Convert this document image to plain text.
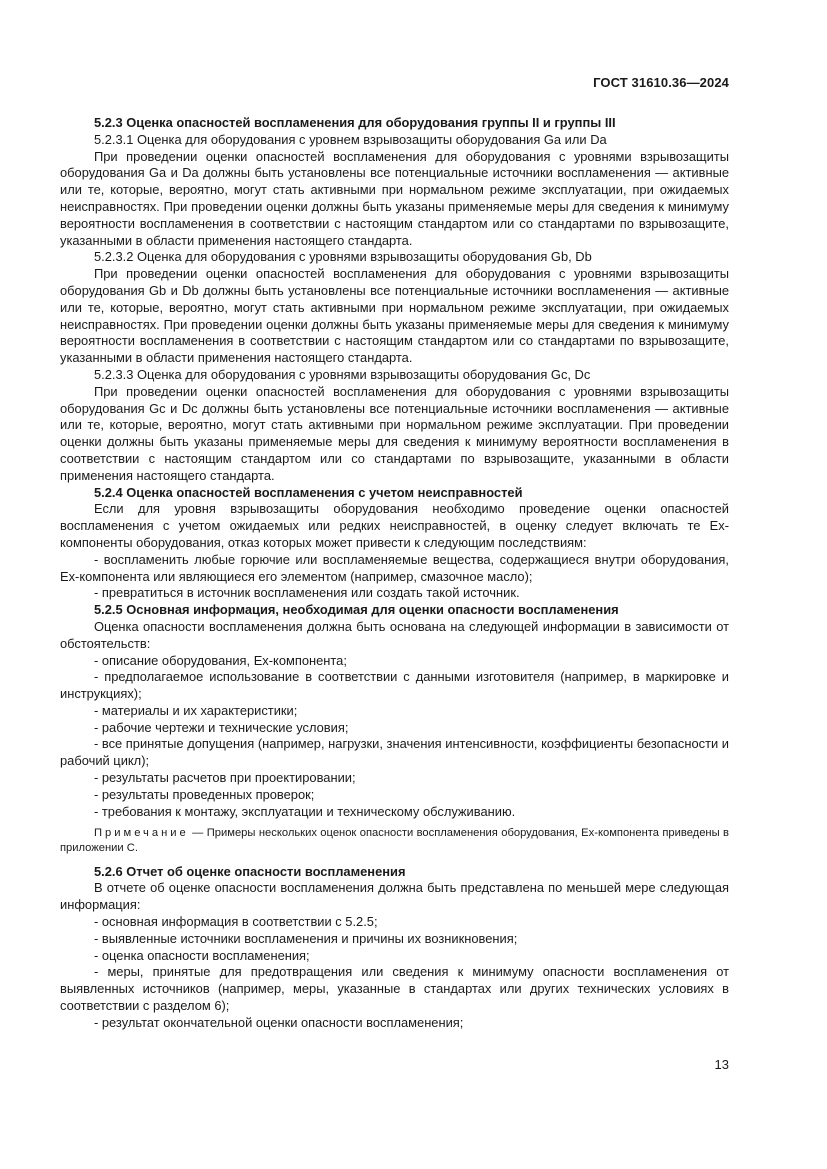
ГОСТ 31610.36—2024

5.2.3 Оценка опасностей воспламенения для оборудования группы II и группы III

5.2.3.1 Оценка для оборудования с уровнем взрывозащиты оборудования Ga или Da

При проведении оценки опасностей воспламенения для оборудования с уровнями взрывозащиты оборудования Ga и Da должны быть установлены все потенциальные источники воспламенения — активные или те, которые, вероятно, могут стать активными при нормальном режиме эксплуатации, при ожидаемых неисправностях. При проведении оценки должны быть указаны применяемые меры для сведения к минимуму вероятности воспламенения в соответствии с настоящим стандартом или со стандартами по взрывозащите, указанными в области применения настоящего стандарта.

5.2.3.2 Оценка для оборудования с уровнями взрывозащиты оборудования Gb, Db

При проведении оценки опасностей воспламенения для оборудования с уровнями взрывозащиты оборудования Gb и Db должны быть установлены все потенциальные источники воспламенения — активные или те, которые, вероятно, могут стать активными при нормальном режиме эксплуатации, при ожидаемых неисправностях. При проведении оценки должны быть указаны применяемые меры для сведения к минимуму вероятности воспламенения в соответствии с настоящим стандартом или со стандартами по взрывозащите, указанными в области применения настоящего стандарта.

5.2.3.3 Оценка для оборудования с уровнями взрывозащиты оборудования Gc, Dc

При проведении оценки опасностей воспламенения для оборудования с уровнями взрывозащиты оборудования Gc и Dc должны быть установлены все потенциальные источники воспламенения — активные или те, которые, вероятно, могут стать активными при нормальном режиме эксплуатации. При проведении оценки должны быть указаны применяемые меры для сведения к минимуму вероятности воспламенения в соответствии с настоящим стандартом или со стандартами по взрывозащите, указанными в области применения настоящего стандарта.

5.2.4 Оценка опасностей воспламенения с учетом неисправностей

Если для уровня взрывозащиты оборудования необходимо проведение оценки опасностей воспламенения с учетом ожидаемых или редких неисправностей, в оценку следует включать те Ex-компоненты оборудования, отказ которых может привести к следующим последствиям:

- воспламенить любые горючие или воспламеняемые вещества, содержащиеся внутри оборудования, Ex-компонента или являющиеся его элементом (например, смазочное масло);

- превратиться в источник воспламенения или создать такой источник.

5.2.5 Основная информация, необходимая для оценки опасности воспламенения

Оценка опасности воспламенения должна быть основана на следующей информации в зависимости от обстоятельств:

- описание оборудования, Ex-компонента;

- предполагаемое использование в соответствии с данными изготовителя (например, в маркировке и инструкциях);

- материалы и их характеристики;

- рабочие чертежи и технические условия;

- все принятые допущения (например, нагрузки, значения интенсивности, коэффициенты безопасности и рабочий цикл);

- результаты расчетов при проектировании;

- результаты проведенных проверок;

- требования к монтажу, эксплуатации и техническому обслуживанию.

Примечание — Примеры нескольких оценок опасности воспламенения оборудования, Ex-компонента приведены в приложении С.

5.2.6 Отчет об оценке опасности воспламенения

В отчете об оценке опасности воспламенения должна быть представлена по меньшей мере следующая информация:

- основная информация в соответствии с 5.2.5;

- выявленные источники воспламенения и причины их возникновения;

- оценка опасности воспламенения;

- меры, принятые для предотвращения или сведения к минимуму опасности воспламенения от выявленных источников (например, меры, указанные в стандартах или других технических условиях в соответствии с разделом 6);

- результат окончательной оценки опасности воспламенения;

13
